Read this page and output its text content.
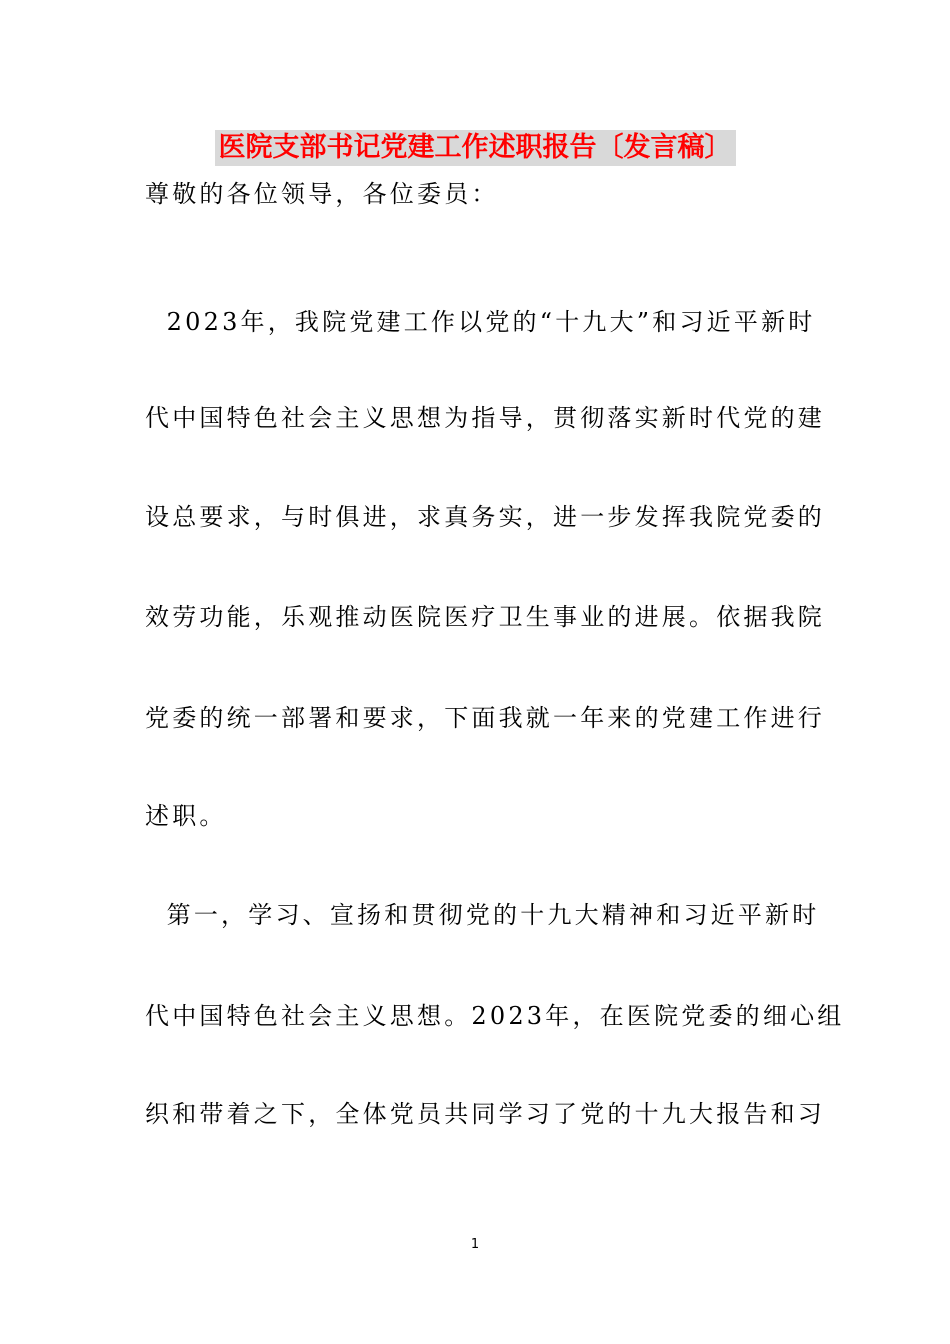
医院支部书记党建工作述职报告〔发言稿〕
尊敬的各位领导，各位委员：
2023年，我院党建工作以党的“十九大”和习近平新时
代中国特色社会主义思想为指导，贯彻落实新时代党的建
设总要求，与时俱进，求真务实，进一步发挥我院党委的
效劳功能，乐观推动医院医疗卫生事业的进展。依据我院
党委的统一部署和要求，下面我就一年来的党建工作进行
述职。
第一，学习、宣扬和贯彻党的十九大精神和习近平新时
代中国特色社会主义思想。2023年，在医院党委的细心组
织和带着之下，全体党员共同学习了党的十九大报告和习
1
